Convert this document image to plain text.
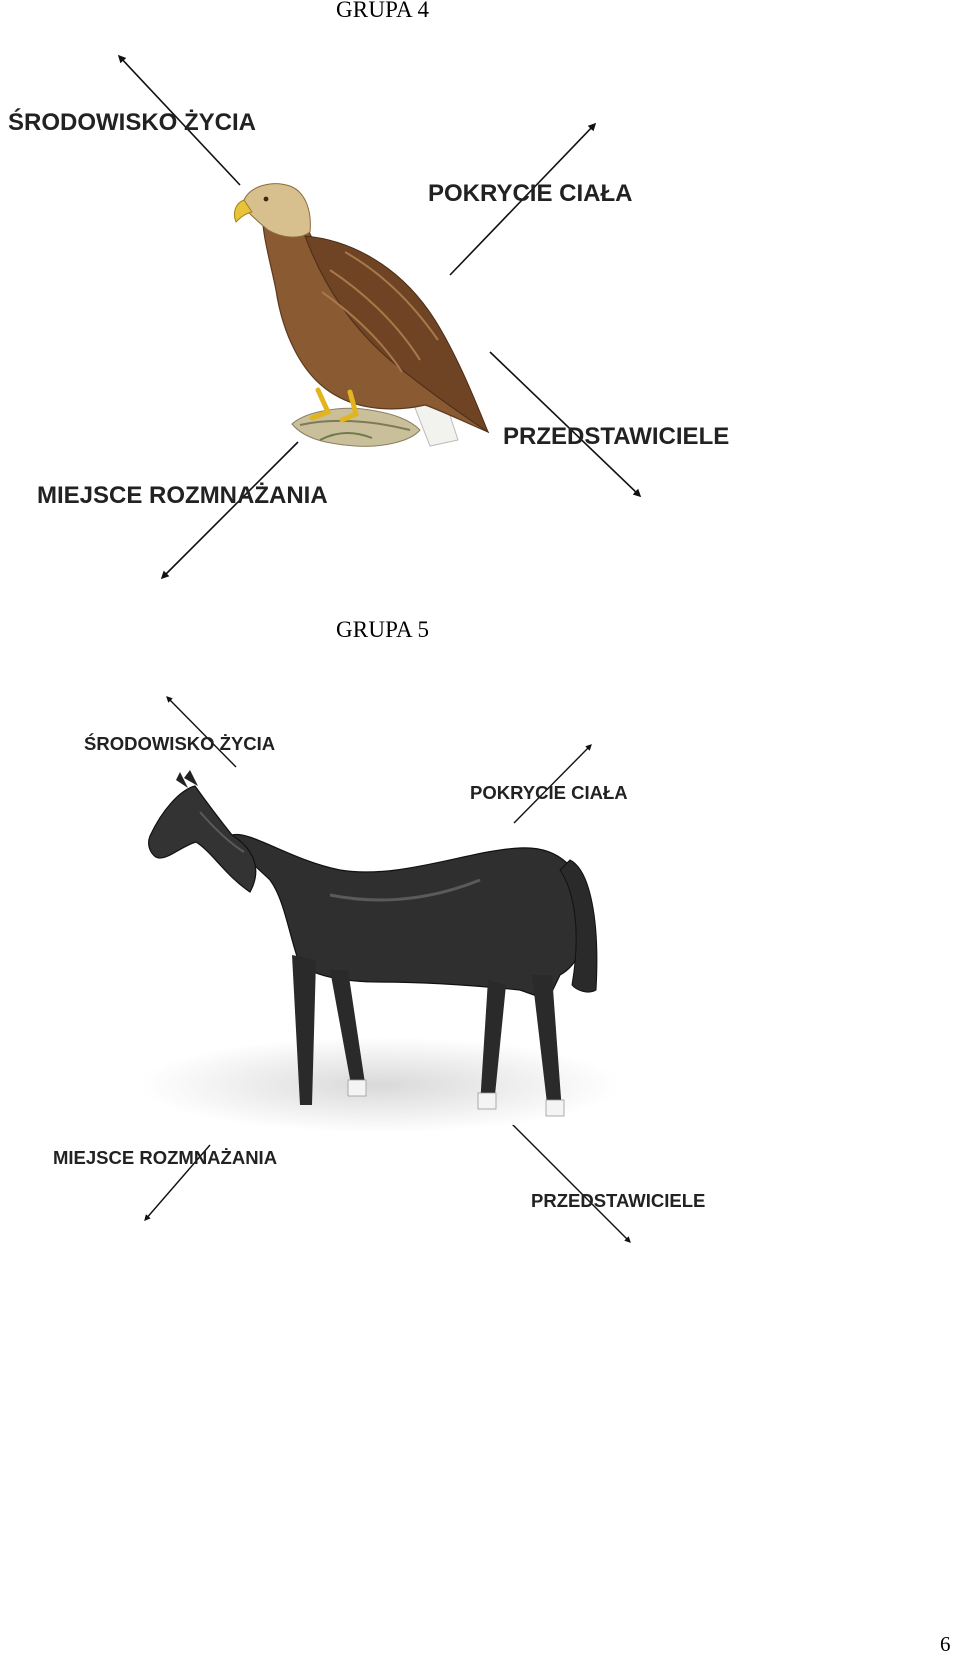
GRUPA 4
ŚRODOWISKO ŻYCIA
POKRYCIE CIAŁA
PRZEDSTAWICIELE
MIEJSCE ROZMNAŻANIA
GRUPA 5
ŚRODOWISKO ŻYCIA
POKRYCIE CIAŁA
PRZEDSTAWICIELE
MIEJSCE ROZMNAŻANIA
6
